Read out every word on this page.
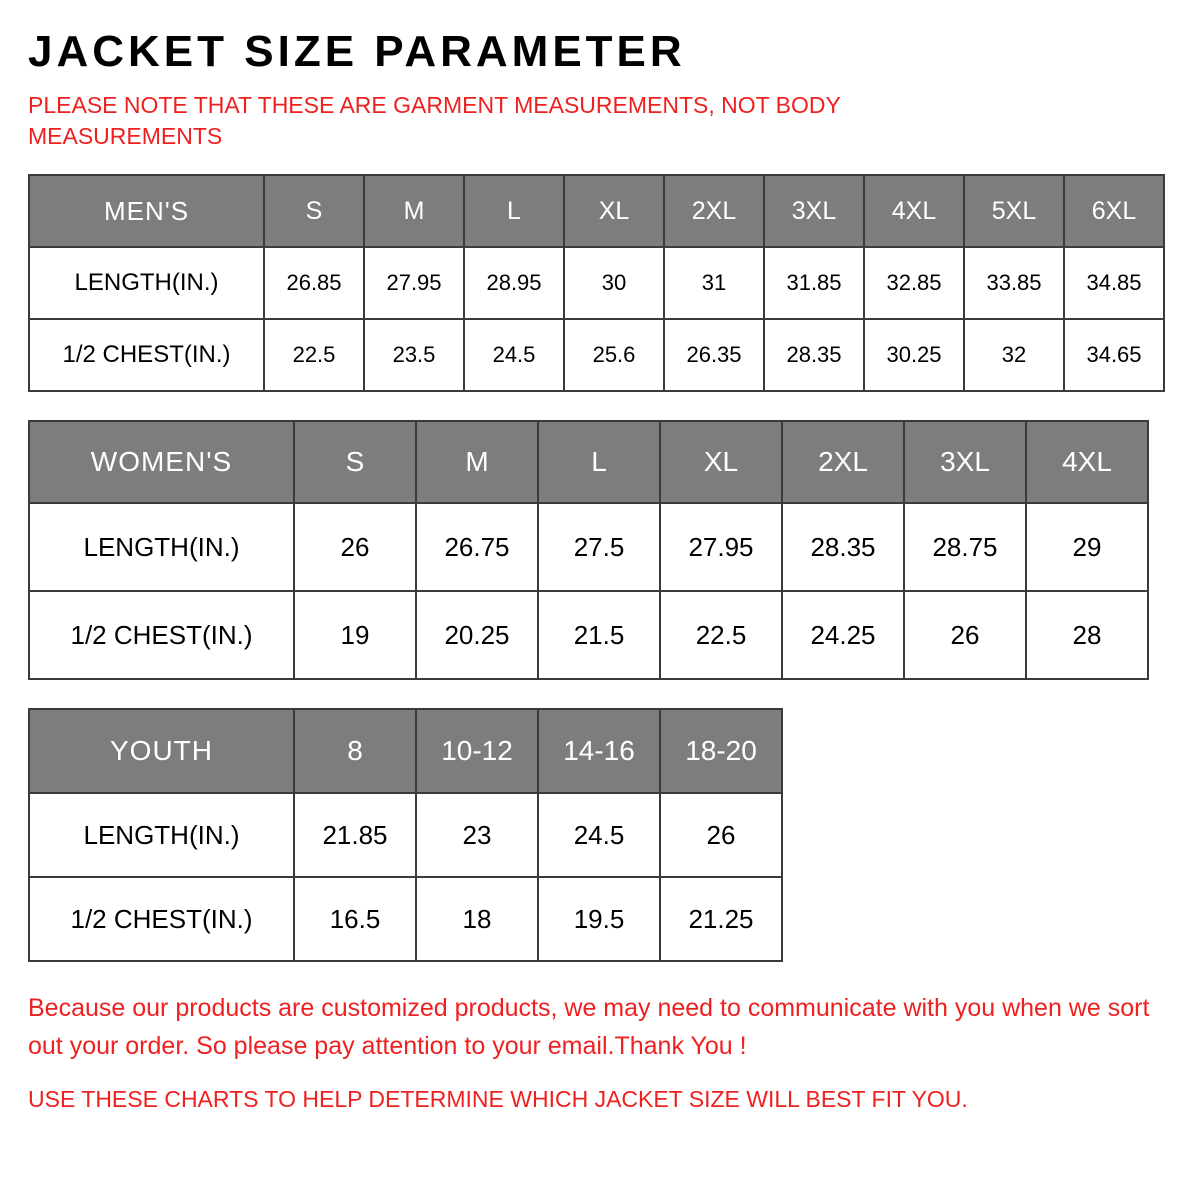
JACKET SIZE PARAMETER

PLEASE NOTE THAT THESE ARE GARMENT MEASUREMENTS, NOT BODY MEASUREMENTS

MEN'S	S	M	L	XL	2XL	3XL	4XL	5XL	6XL
LENGTH(IN.)	26.85	27.95	28.95	30	31	31.85	32.85	33.85	34.85
1/2 CHEST(IN.)	22.5	23.5	24.5	25.6	26.35	28.35	30.25	32	34.65
WOMEN'S	S	M	L	XL	2XL	3XL	4XL
LENGTH(IN.)	26	26.75	27.5	27.95	28.35	28.75	29
1/2 CHEST(IN.)	19	20.25	21.5	22.5	24.25	26	28
YOUTH	8	10-12	14-16	18-20
LENGTH(IN.)	21.85	23	24.5	26
1/2 CHEST(IN.)	16.5	18	19.5	21.25

Because our products are customized products, we may need to communicate with you when we sort out your order. So please pay attention to your email.Thank You !

USE THESE CHARTS TO HELP DETERMINE WHICH JACKET SIZE WILL BEST FIT YOU.
